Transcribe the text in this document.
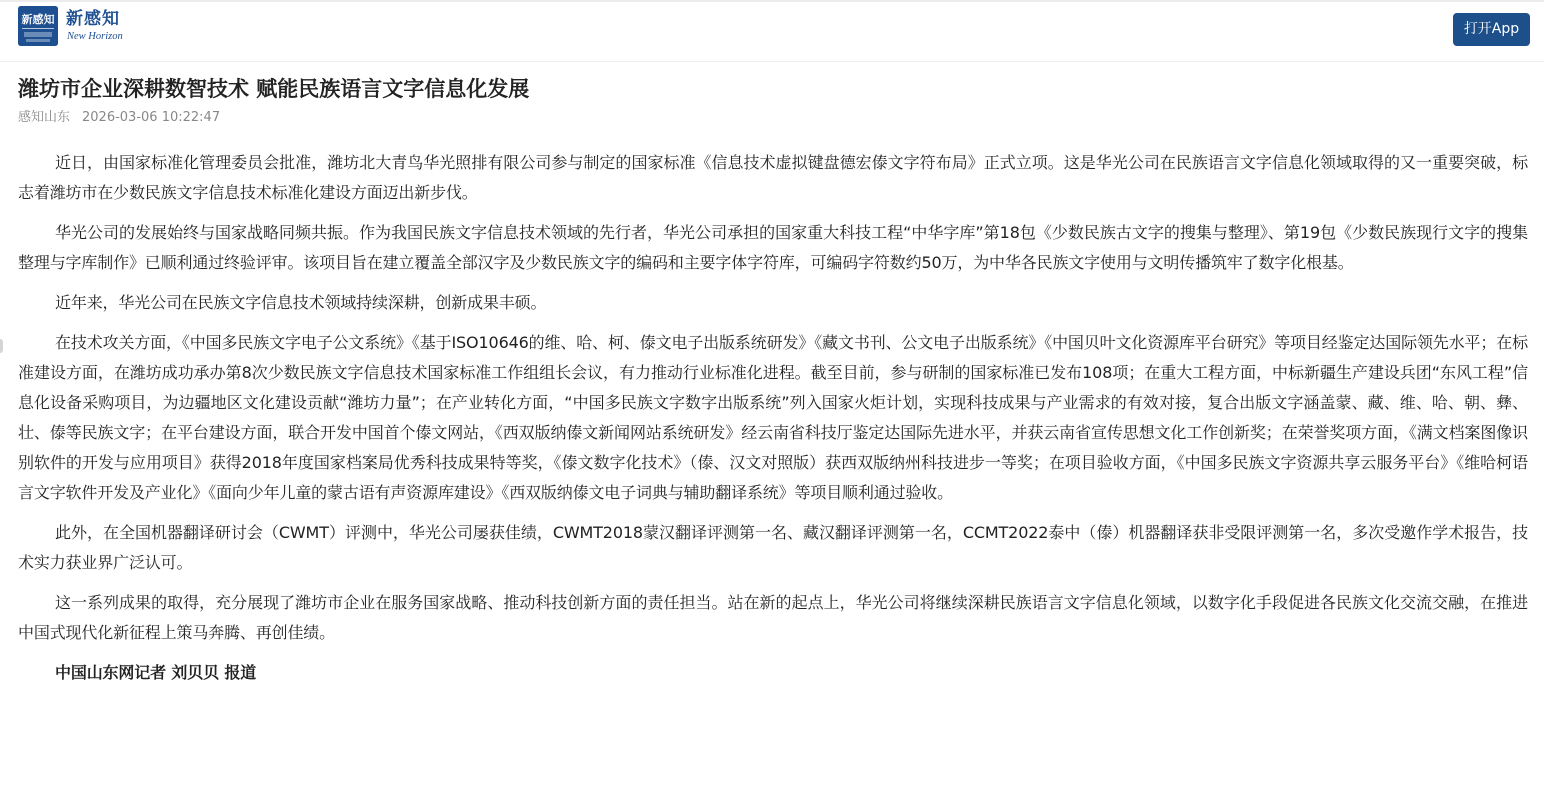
新感知 新感知
New Horizon	打开App
潍坊市企业深耕数智技术 赋能民族语言文字信息化发展
感知山东 2026-03-06 10:22:47

近日，由国家标准化管理委员会批准，潍坊北大青鸟华光照排有限公司参与制定的国家标准《信息技术虚拟键盘德宏傣文字符布局》正式立项。这是华光公司在民族语言文字信息化领域取得的又一重要突破，标志着潍坊市在少数民族文字信息技术标准化建设方面迈出新步伐。

华光公司的发展始终与国家战略同频共振。作为我国民族文字信息技术领域的先行者，华光公司承担的国家重大科技工程“中华字库”第18包《少数民族古文字的搜集与整理》、第19包《少数民族现行文字的搜集整理与字库制作》已顺利通过终验评审。该项目旨在建立覆盖全部汉字及少数民族文字的编码和主要字体字符库，可编码字符数约50万，为中华各民族文字使用与文明传播筑牢了数字化根基。

近年来，华光公司在民族文字信息技术领域持续深耕，创新成果丰硕。

在技术攻关方面，《中国多民族文字电子公文系统》《基于ISO10646的维、哈、柯、傣文电子出版系统研发》《藏文书刊、公文电子出版系统》《中国贝叶文化资源库平台研究》等项目经鉴定达国际领先水平；在标准建设方面，在潍坊成功承办第8次少数民族文字信息技术国家标准工作组组长会议，有力推动行业标准化进程。截至目前，参与研制的国家标准已发布108项；在重大工程方面，中标新疆生产建设兵团“东风工程”信息化设备采购项目，为边疆地区文化建设贡献“潍坊力量”；在产业转化方面，“中国多民族文字数字出版系统”列入国家火炬计划，实现科技成果与产业需求的有效对接，复合出版文字涵盖蒙、藏、维、哈、朝、彝、壮、傣等民族文字；在平台建设方面，联合开发中国首个傣文网站，《西双版纳傣文新闻网站系统研发》经云南省科技厅鉴定达国际先进水平，并获云南省宣传思想文化工作创新奖；在荣誉奖项方面，《满文档案图像识别软件的开发与应用项目》获得2018年度国家档案局优秀科技成果特等奖，《傣文数字化技术》（傣、汉文对照版）获西双版纳州科技进步一等奖；在项目验收方面，《中国多民族文字资源共享云服务平台》《维哈柯语言文字软件开发及产业化》《面向少年儿童的蒙古语有声资源库建设》《西双版纳傣文电子词典与辅助翻译系统》等项目顺利通过验收。

此外，在全国机器翻译研讨会（CWMT）评测中，华光公司屡获佳绩，CWMT2018蒙汉翻译评测第一名、藏汉翻译评测第一名，CCMT2022泰中（傣）机器翻译获非受限评测第一名，多次受邀作学术报告，技术实力获业界广泛认可。

这一系列成果的取得，充分展现了潍坊市企业在服务国家战略、推动科技创新方面的责任担当。站在新的起点上，华光公司将继续深耕民族语言文字信息化领域，以数字化手段促进各民族文化交流交融，在推进中国式现代化新征程上策马奔腾、再创佳绩。

中国山东网记者 刘贝贝 报道
